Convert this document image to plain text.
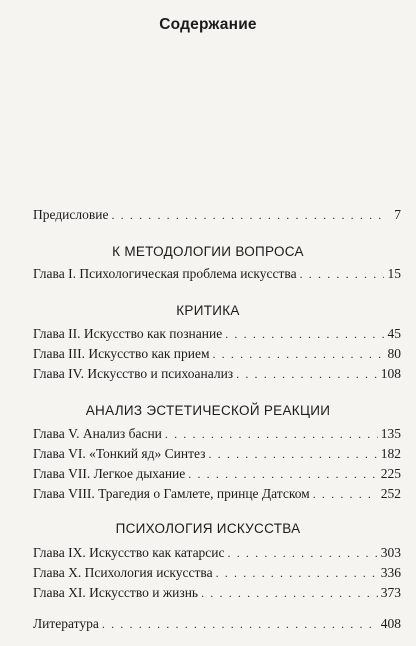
Содержание
Предисловие . . .	7
К МЕТОДОЛОГИИ ВОПРОСА
Глава I. Психологическая проблема искусства . . .	15
КРИТИКА
Глава II. Искусство как познание . . .	45
Глава III. Искусство как прием . . .	80
Глава IV. Искусство и психоанализ . . .	108
АНАЛИЗ ЭСТЕТИЧЕСКОЙ РЕАКЦИИ
Глава V. Анализ басни . . .	135
Глава VI. «Тонкий яд» Синтез . . .	182
Глава VII. Легкое дыхание . . .	225
Глава VIII. Трагедия о Гамлете, принце Датском . . .	252
ПСИХОЛОГИЯ ИСКУССТВА
Глава IX. Искусство как катарсис . . .	303
Глава X. Психология искусства . . .	336
Глава XI. Искусство и жизнь . . .	373
Литература . . .	408
